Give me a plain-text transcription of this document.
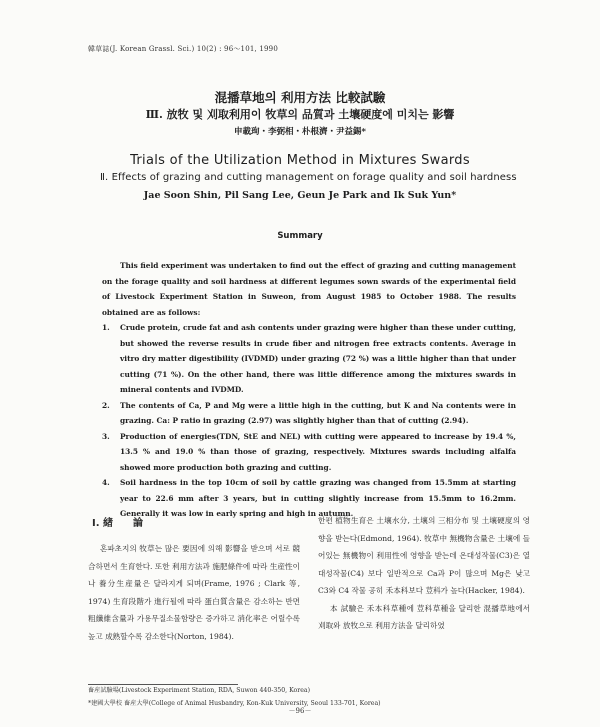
韓草誌(J. Korean Grassl. Sci.) 10(2) : 96～101, 1990
混播草地의 利用方法 比較試驗
Ⅲ. 放牧 및 刈取利用이 牧草의 品質과 土壤硬度에 미치는 影響
申載珣・李弼相・朴根濟・尹益錫*
Trials of the Utilization Method in Mixtures Swards
Ⅱ. Effects of grazing and cutting management on forage quality and soil hardness
Jae Soon Shin, Pil Sang Lee, Geun Je Park and Ik Suk Yun*
Summary

This field experiment was undertaken to find out the effect of grazing and cutting management on the forage quality and soil hardness at different legumes sown swards of the experimental field of Livestock Experiment Station in Suweon, from August 1985 to October 1988. The results obtained are as follows:

1. Crude protein, crude fat and ash contents under grazing were higher than these under cutting, but showed the reverse results in crude fiber and nitrogen free extracts contents. Average in vitro dry matter digestibility (IVDMD) under grazing (72 %) was a little higher than that under cutting (71 %). On the other hand, there was little difference among the mixtures swards in mineral contents and IVDMD.
2. The contents of Ca, P and Mg were a little high in the cutting, but K and Na contents were in grazing. Ca: P ratio in grazing (2.97) was slightly higher than that of cutting (2.94).
3. Production of energies(TDN, StE and NEL) with cutting were appeared to increase by 19.4 %, 13.5 % and 19.0 % than those of grazing, respectively. Mixtures swards including alfalfa showed more production both grazing and cutting.
4. Soil hardness in the top 10cm of soil by cattle grazing was changed from 15.5mm at starting year to 22.6 mm after 3 years, but in cutting slightly increase from 15.5mm to 16.2mm. Generally it was low in early spring and high in autumn.
Ⅰ. 緖　　論

혼파초지의 牧草는 많은 要因에 의해 影響을 받으며 서로 競合하면서 生育한다. 또한 利用方法과 施肥條件에 따라 生産性이나 養分生産量은 달라지게 되며(Frame, 1976 ; Clark 等, 1974) 生育段階가 進行될에 따라 蛋白質含量은 감소하는 반면 粗纖維含量과 가용무질소물함량은 증가하고 消化率은 어릴수록 높고 成熟할수록 감소한다(Norton, 1984).

한편 植物生育은 土壤水分, 土壤의 三相分布 및 土壤硬度의 영향을 받는다(Edmond, 1964). 牧草中 無機物含量은 土壤에 들어있는 無機物이 利用性에 영향을 받는데 온대성작물(C3)은 열대성작물(C4) 보다 일반적으로 Ca과 P이 많으며 Mg은 낮고 C3와 C4 작물 공히 禾本科보다 荳科가 높다(Hacker, 1984).

本 試驗은 禾本科草種에 荳科草種을 달리한 混播草地에서 刈取와 放牧으로 利用方法을 달리하였

畜産試驗場(Livestock Experiment Station, RDA, Suwon 440-350, Korea)
*建國大學校 畜産大學(College of Animal Husbandry, Kon-Kuk University, Seoul 133-701, Korea)
－96－
